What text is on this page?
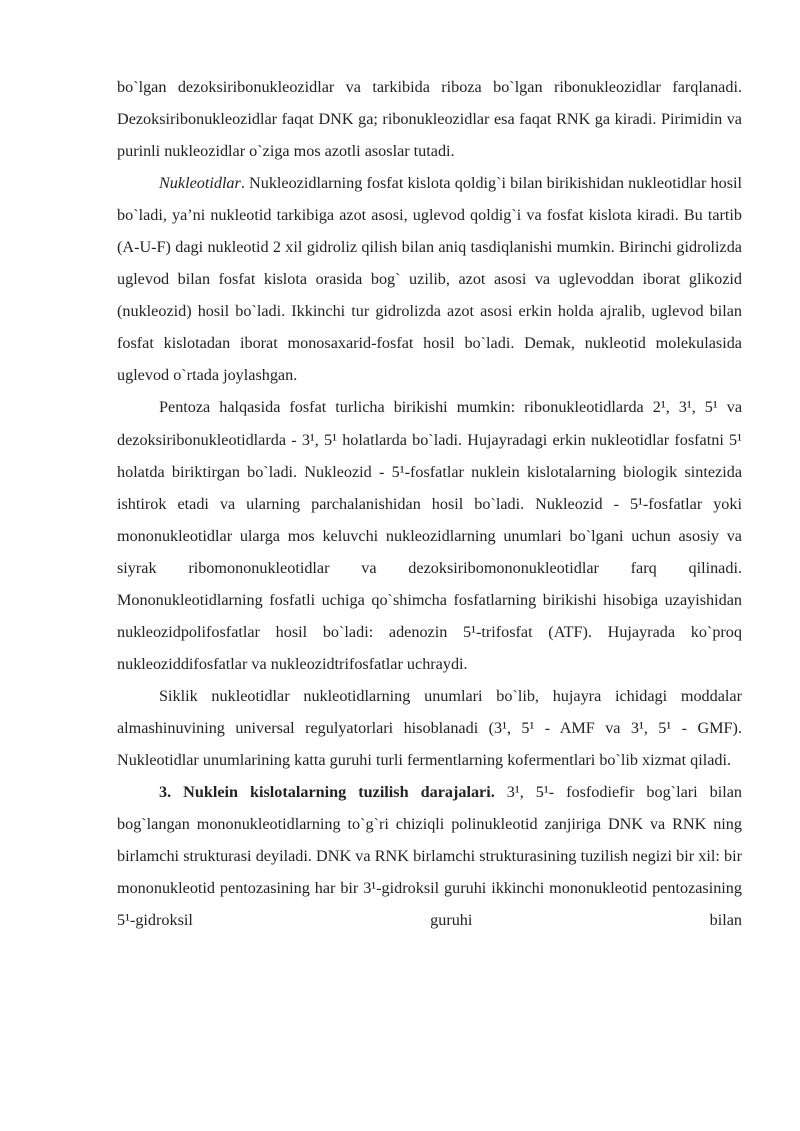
bo`lgan dezoksiribonukleozidlar va tarkibida riboza bo`lgan ribonukleozidlar farqlanadi. Dezoksiribonukleozidlar faqat DNK ga; ribonukleozidlar esa faqat RNK ga kiradi. Pirimidin va purinli nukleozidlar o`ziga mos azotli asoslar tutadi.

Nukleotidlar. Nukleozidlarning fosfat kislota qoldig`i bilan birikishidan nukleotidlar hosil bo`ladi, ya’ni nukleotid tarkibiga azot asosi, uglevod qoldig`i va fosfat kislota kiradi. Bu tartib (A-U-F) dagi nukleotid 2 xil gidroliz qilish bilan aniq tasdiqlanishi mumkin. Birinchi gidrolizda uglevod bilan fosfat kislota orasida bog` uzilib, azot asosi va uglevoddan iborat glikozid (nukleozid) hosil bo`ladi. Ikkinchi tur gidrolizda azot asosi erkin holda ajralib, uglevod bilan fosfat kislotadan iborat monosaxarid-fosfat hosil bo`ladi. Demak, nukleotid molekulasida uglevod o`rtada joylashgan.

Pentoza halqasida fosfat turlicha birikishi mumkin: ribonukleotidlarda 2¹, 3¹, 5¹ va dezoksiribonukleotidlarda - 3¹, 5¹ holatlarda bo`ladi. Hujayradagi erkin nukleotidlar fosfatni 5¹ holatda biriktirgan bo`ladi. Nukleozid - 5¹-fosfatlar nuklein kislotalarning biologik sintezida ishtirok etadi va ularning parchalanishidan hosil bo`ladi. Nukleozid - 5¹-fosfatlar yoki mononukleotidlar ularga mos keluvchi nukleozidlarning unumlari bo`lgani uchun asosiy va siyrak ribomononukleotidlar va dezoksiribomononukleotidlar farq qilinadi. Mononukleotidlarning fosfatli uchiga qo`shimcha fosfatlarning birikishi hisobiga uzayishidan nukleozidpolifosfatlar hosil bo`ladi: adenozin 5¹-trifosfat (ATF). Hujayrada ko`proq nukleoziddifosfatlar va nukleozidtrifosfatlar uchraydi.

Siklik nukleotidlar nukleotidlarning unumlari bo`lib, hujayra ichidagi moddalar almashinuvining universal regulyatorlari hisoblanadi (3¹, 5¹ - AMF va 3¹, 5¹ - GMF). Nukleotidlar unumlarining katta guruhi turli fermentlarning kofermentlari bo`lib xizmat qiladi.

3. Nuklein kislotalarning tuzilish darajalari. 3¹, 5¹- fosfodiefir bog`lari bilan bog`langan mononukleotidlarning to`g`ri chiziqli polinukleotid zanjiriga DNK va RNK ning birlamchi strukturasi deyiladi. DNK va RNK birlamchi strukturasining tuzilish negizi bir xil: bir mononukleotid pentozasining har bir 3¹-gidroksil guruhi ikkinchi mononukleotid pentozasining 5¹-gidroksil guruhi bilan
